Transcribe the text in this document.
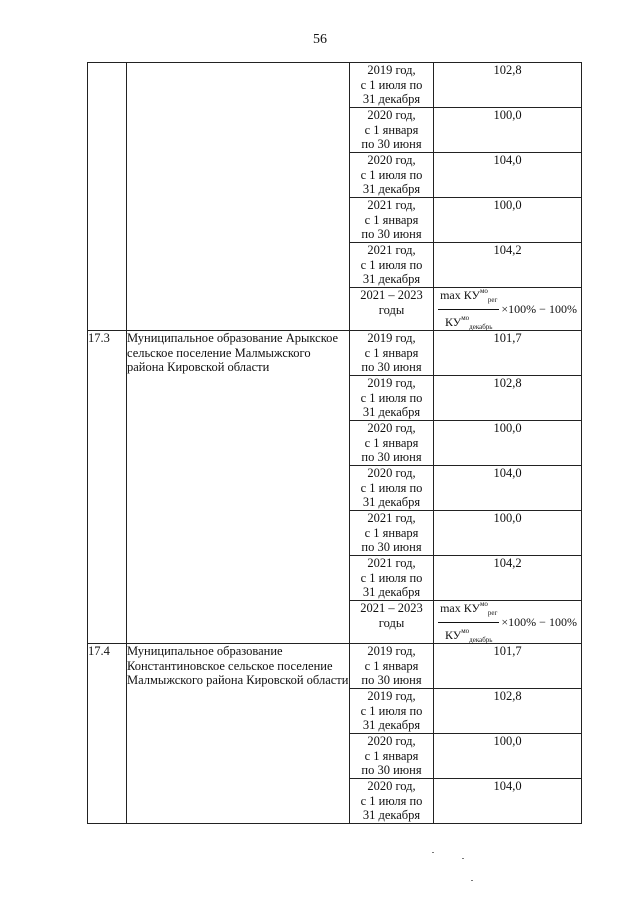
56

		2019 год,
с 1 июля по
31 декабря	102,8

		2020 год,
с 1 января
по 30 июня	100,0

		2020 год,
с 1 июля по
31 декабря	104,0

		2021 год,
с 1 января
по 30 июня	100,0

		2021 год,
с 1 июля по
31 декабря	104,2

		2021 – 2023
годы	$\frac{\max КУ^{мо}_{рег}}{КУ^{мо}_{декабрь}} \times 100\% - 100\%$

17.3	Муниципальное образование Арыкское сельское поселение Малмыжского района Кировской области	2019 год,
с 1 января
по 30 июня	101,7

		2019 год,
с 1 июля по
31 декабря	102,8

		2020 год,
с 1 января
по 30 июня	100,0

		2020 год,
с 1 июля по
31 декабря	104,0

		2021 год,
с 1 января
по 30 июня	100,0

		2021 год,
с 1 июля по
31 декабря	104,2

		2021 – 2023
годы	$\frac{\max КУ^{мо}_{рег}}{КУ^{мо}_{декабрь}} \times 100\% - 100\%$

17.4	Муниципальное образование Константиновское сельское поселение Малмыжского района Кировской области	2019 год,
с 1 января
по 30 июня	101,7

		2019 год,
с 1 июля по
31 декабря	102,8

		2020 год,
с 1 января
по 30 июня	100,0

		2020 год,
с 1 июля по
31 декабря	104,0
